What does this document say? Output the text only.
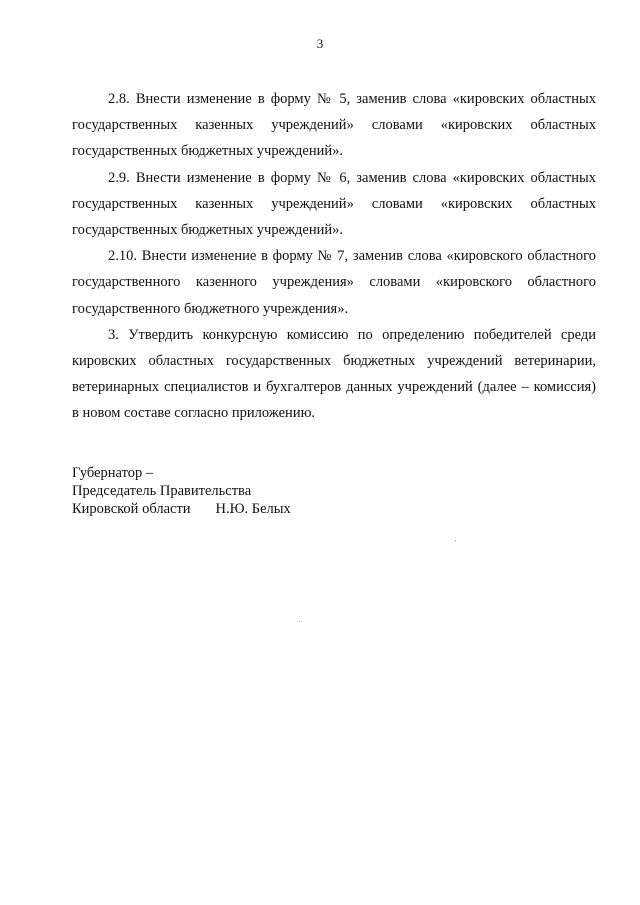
3

2.8. Внести изменение в форму № 5, заменив слова «кировских областных государственных казенных учреждений» словами «кировских областных государственных бюджетных учреждений».

2.9. Внести изменение в форму № 6, заменив слова «кировских областных государственных казенных учреждений» словами «кировских областных государственных бюджетных учреждений».

2.10. Внести изменение в форму № 7, заменив слова «кировского областного государственного казенного учреждения» словами «кировского областного государственного бюджетного учреждения».

3. Утвердить конкурсную комиссию по определению победителей среди кировских областных государственных бюджетных учреждений ветеринарии, ветеринарных специалистов и бухгалтеров данных учреждений (далее – комиссия) в новом составе согласно приложению.

Губернатор –
Председатель Правительства
Кировской области Н.Ю. Белых
